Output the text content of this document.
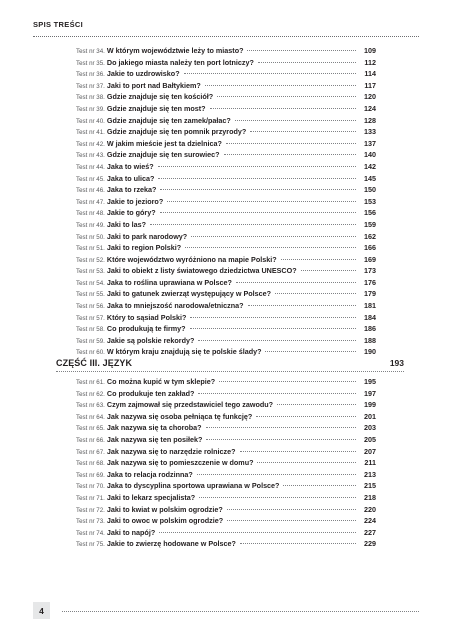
SPIS TREŚCI
Test nr 34. W którym województwie leży to miasto?	109
Test nr 35. Do jakiego miasta należy ten port lotniczy?	112
Test nr 36. Jakie to uzdrowisko?	114
Test nr 37. Jaki to port nad Bałtykiem?	117
Test nr 38. Gdzie znajduje się ten kościół?	120
Test nr 39. Gdzie znajduje się ten most?	124
Test nr 40. Gdzie znajduje się ten zamek/pałac?	128
Test nr 41. Gdzie znajduje się ten pomnik przyrody?	133
Test nr 42. W jakim mieście jest ta dzielnica?	137
Test nr 43. Gdzie znajduje się ten surowiec?	140
Test nr 44. Jaka to wieś?	142
Test nr 45. Jaka to ulica?	145
Test nr 46. Jaka to rzeka?	150
Test nr 47. Jakie to jezioro?	153
Test nr 48. Jakie to góry?	156
Test nr 49. Jaki to las?	159
Test nr 50. Jaki to park narodowy?	162
Test nr 51. Jaki to region Polski?	166
Test nr 52. Które województwo wyróżniono na mapie Polski?	169
Test nr 53. Jaki to obiekt z listy światowego dziedzictwa UNESCO?	173
Test nr 54. Jaka to roślina uprawiana w Polsce?	176
Test nr 55. Jaki to gatunek zwierząt występujący w Polsce?	179
Test nr 56. Jaka to mniejszość narodowa/etniczna?	181
Test nr 57. Który to sąsiad Polski?	184
Test nr 58. Co produkują te firmy?	186
Test nr 59. Jakie są polskie rekordy?	188
Test nr 60. W którym kraju znajdują się te polskie ślady?	190
CZĘŚĆ III. JĘZYK	193
Test nr 61. Co można kupić w tym sklepie?	195
Test nr 62. Co produkuje ten zakład?	197
Test nr 63. Czym zajmował się przedstawiciel tego zawodu?	199
Test nr 64. Jak nazywa się osoba pełniąca tę funkcję?	201
Test nr 65. Jak nazywa się ta choroba?	203
Test nr 66. Jak nazywa się ten posiłek?	205
Test nr 67. Jak nazywa się to narzędzie rolnicze?	207
Test nr 68. Jak nazywa się to pomieszczenie w domu?	211
Test nr 69. Jaka to relacja rodzinna?	213
Test nr 70. Jaka to dyscyplina sportowa uprawiana w Polsce?	215
Test nr 71. Jaki to lekarz specjalista?	218
Test nr 72. Jaki to kwiat w polskim ogrodzie?	220
Test nr 73. Jaki to owoc w polskim ogrodzie?	224
Test nr 74. Jaki to napój?	227
Test nr 75. Jakie to zwierzę hodowane w Polsce?	229
4
